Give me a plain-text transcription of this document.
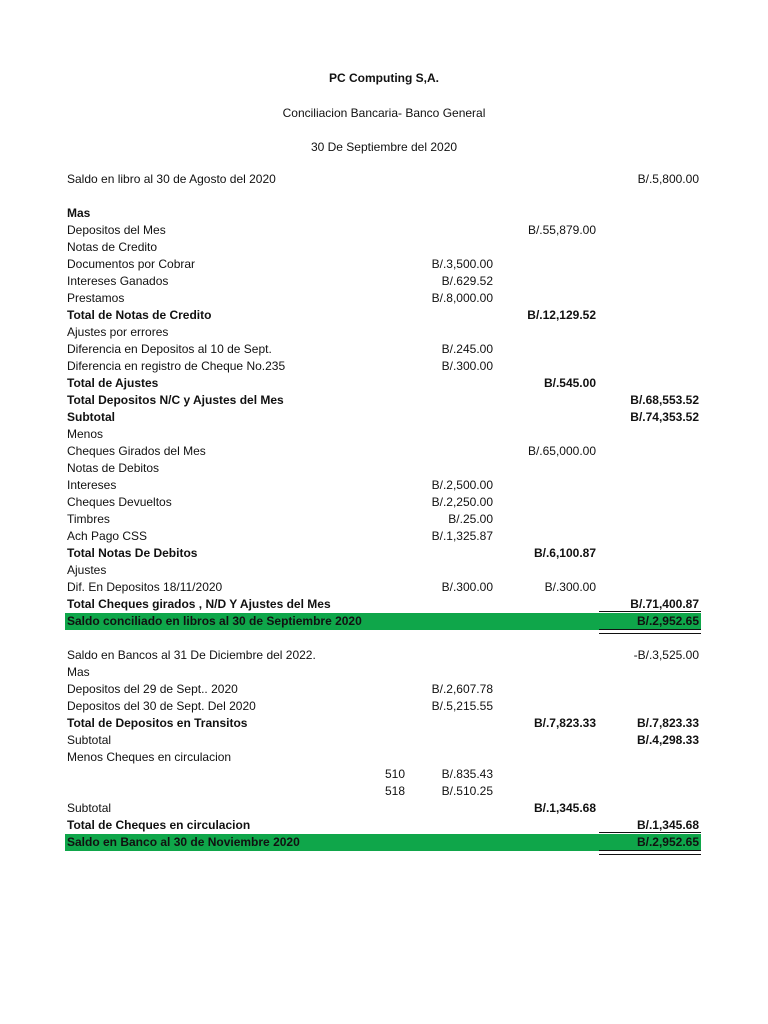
PC Computing S,A.
Conciliacion Bancaria- Banco General
30 De Septiembre del 2020
Saldo en libro al 30 de Agosto del 2020	B/.5,800.00
Mas
Depositos del Mes	B/.55,879.00
Notas de Credito
Documentos por Cobrar	B/.3,500.00
Intereses Ganados	B/.629.52
Prestamos	B/.8,000.00
Total de Notas de Credito	B/.12,129.52
Ajustes por errores
Diferencia en Depositos al 10 de Sept.	B/.245.00
Diferencia en registro de Cheque No.235	B/.300.00
Total de Ajustes	B/.545.00
Total Depositos N/C y Ajustes del Mes	B/.68,553.52
Subtotal	B/.74,353.52
Menos
Cheques Girados del Mes	B/.65,000.00
Notas de Debitos
Intereses	B/.2,500.00
Cheques Devueltos	B/.2,250.00
Timbres	B/.25.00
Ach Pago CSS	B/.1,325.87
Total Notas De Debitos	B/.6,100.87
Ajustes
Dif. En Depositos 18/11/2020	B/.300.00	B/.300.00
Total Cheques girados , N/D Y Ajustes del Mes	B/.71,400.87
Saldo conciliado en libros al 30 de Septiembre 2020	B/.2,952.65
Saldo en Bancos al 31 De Diciembre del 2022.	-B/.3,525.00
Mas
Depositos del 29 de Sept.. 2020	B/.2,607.78
Depositos del 30 de Sept. Del 2020	B/.5,215.55
Total de Depositos en Transitos	B/.7,823.33	B/.7,823.33
Subtotal	B/.4,298.33
Menos Cheques en circulacion
510	B/.835.43
518	B/.510.25
Subtotal	B/.1,345.68
Total de Cheques en circulacion	B/.1,345.68
Saldo en Banco al 30 de Noviembre 2020	B/.2,952.65
